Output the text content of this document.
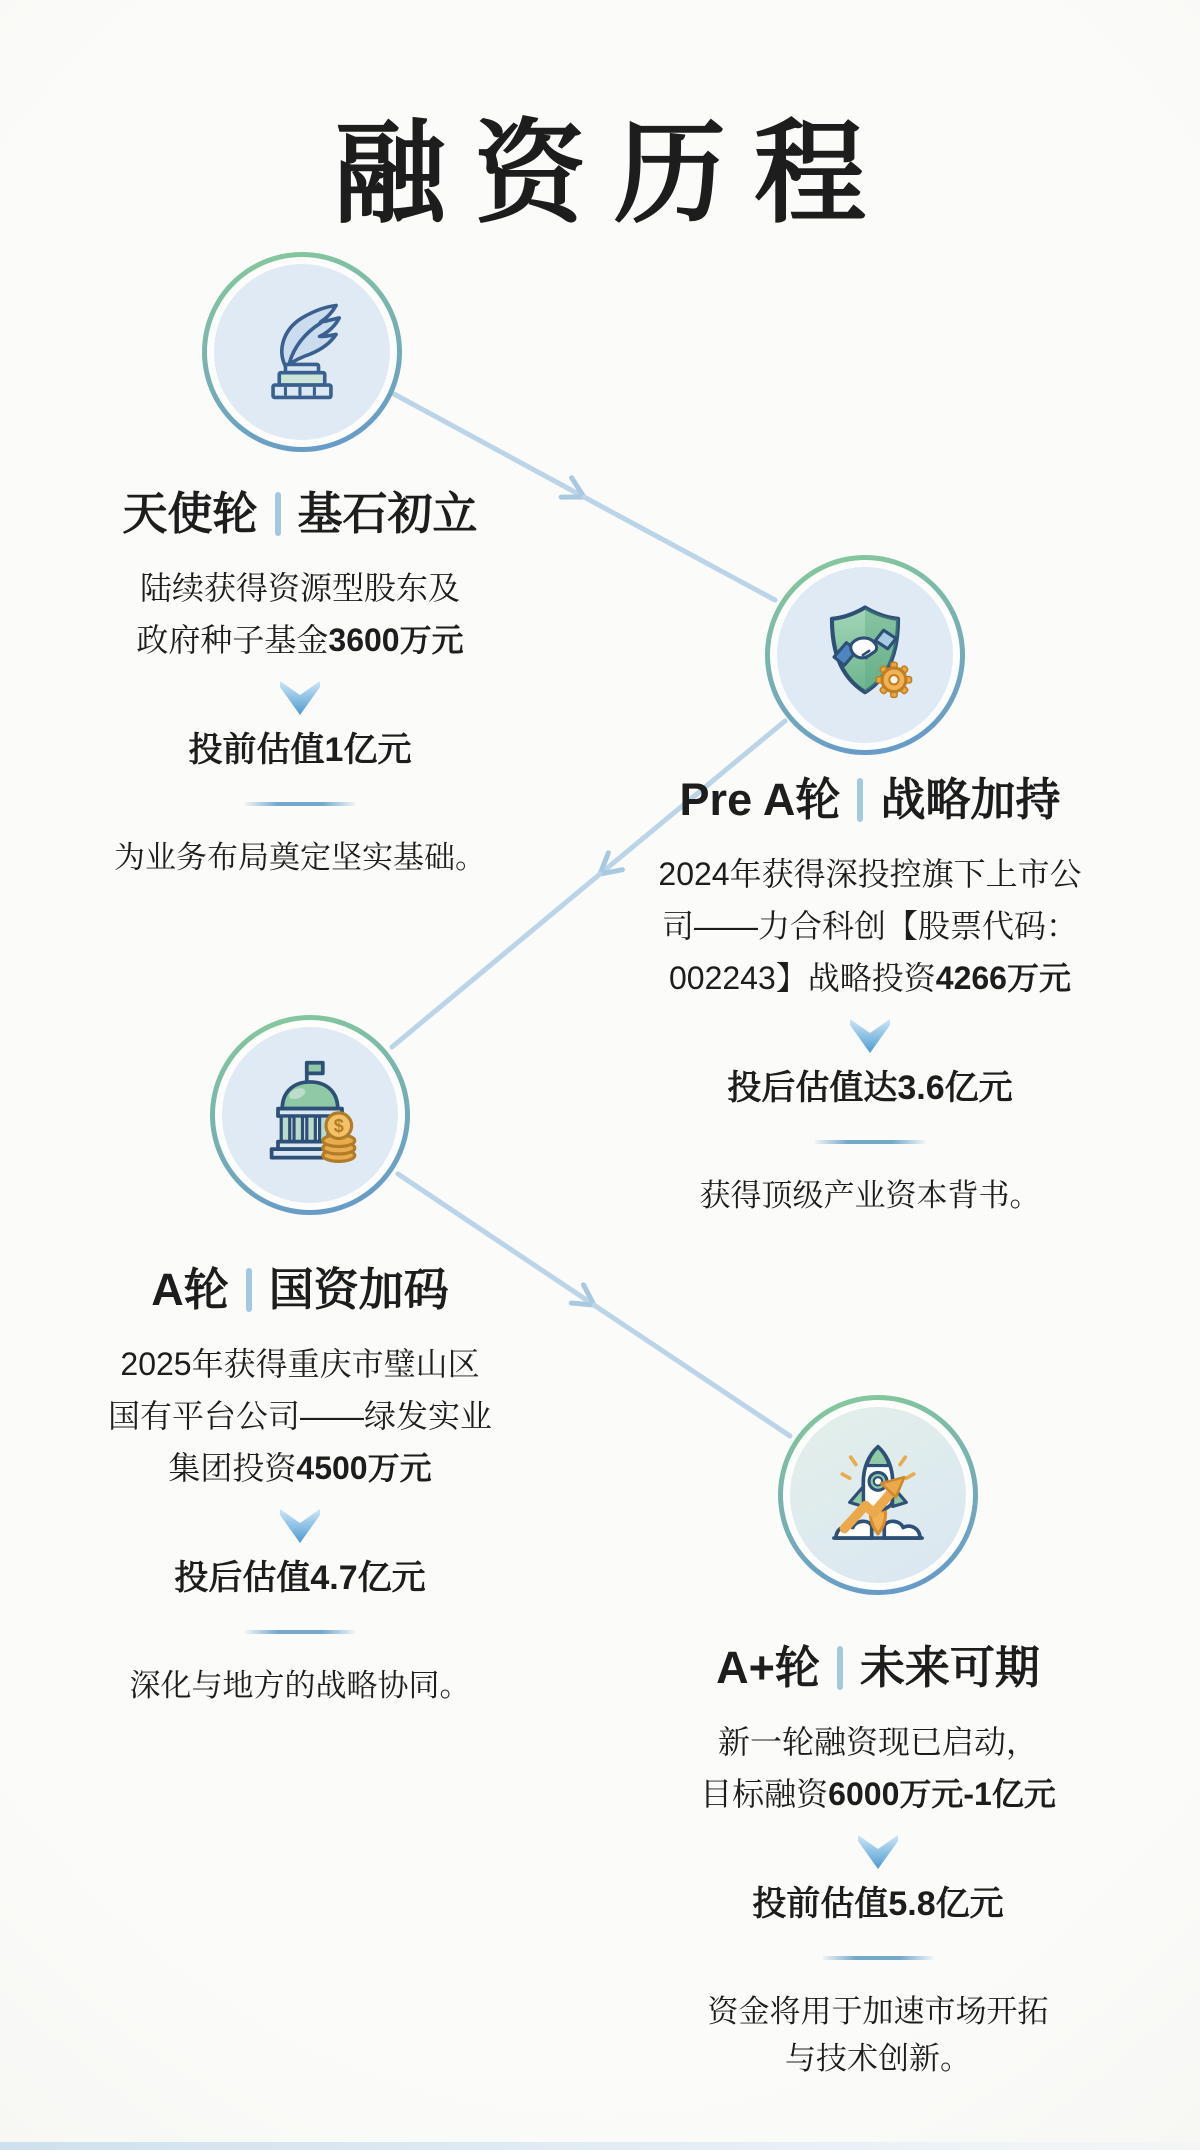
融资历程
$
天使轮 基石初立
陆续获得资源型股东及
政府种子基金3600万元
投前估值1亿元
为业务布局奠定坚实基础。
Pre A轮 战略加持
2024年获得深投控旗下上市公
司——力合科创【股票代码：
002243】战略投资4266万元
投后估值达3.6亿元
获得顶级产业资本背书。
A轮 国资加码
2025年获得重庆市璧山区
国有平台公司——绿发实业
集团投资4500万元
投后估值4.7亿元
深化与地方的战略协同。	A+轮 未来可期
新一轮融资现已启动，
目标融资6000万元-1亿元
投前估值5.8亿元
资金将用于加速市场开拓
与技术创新。
